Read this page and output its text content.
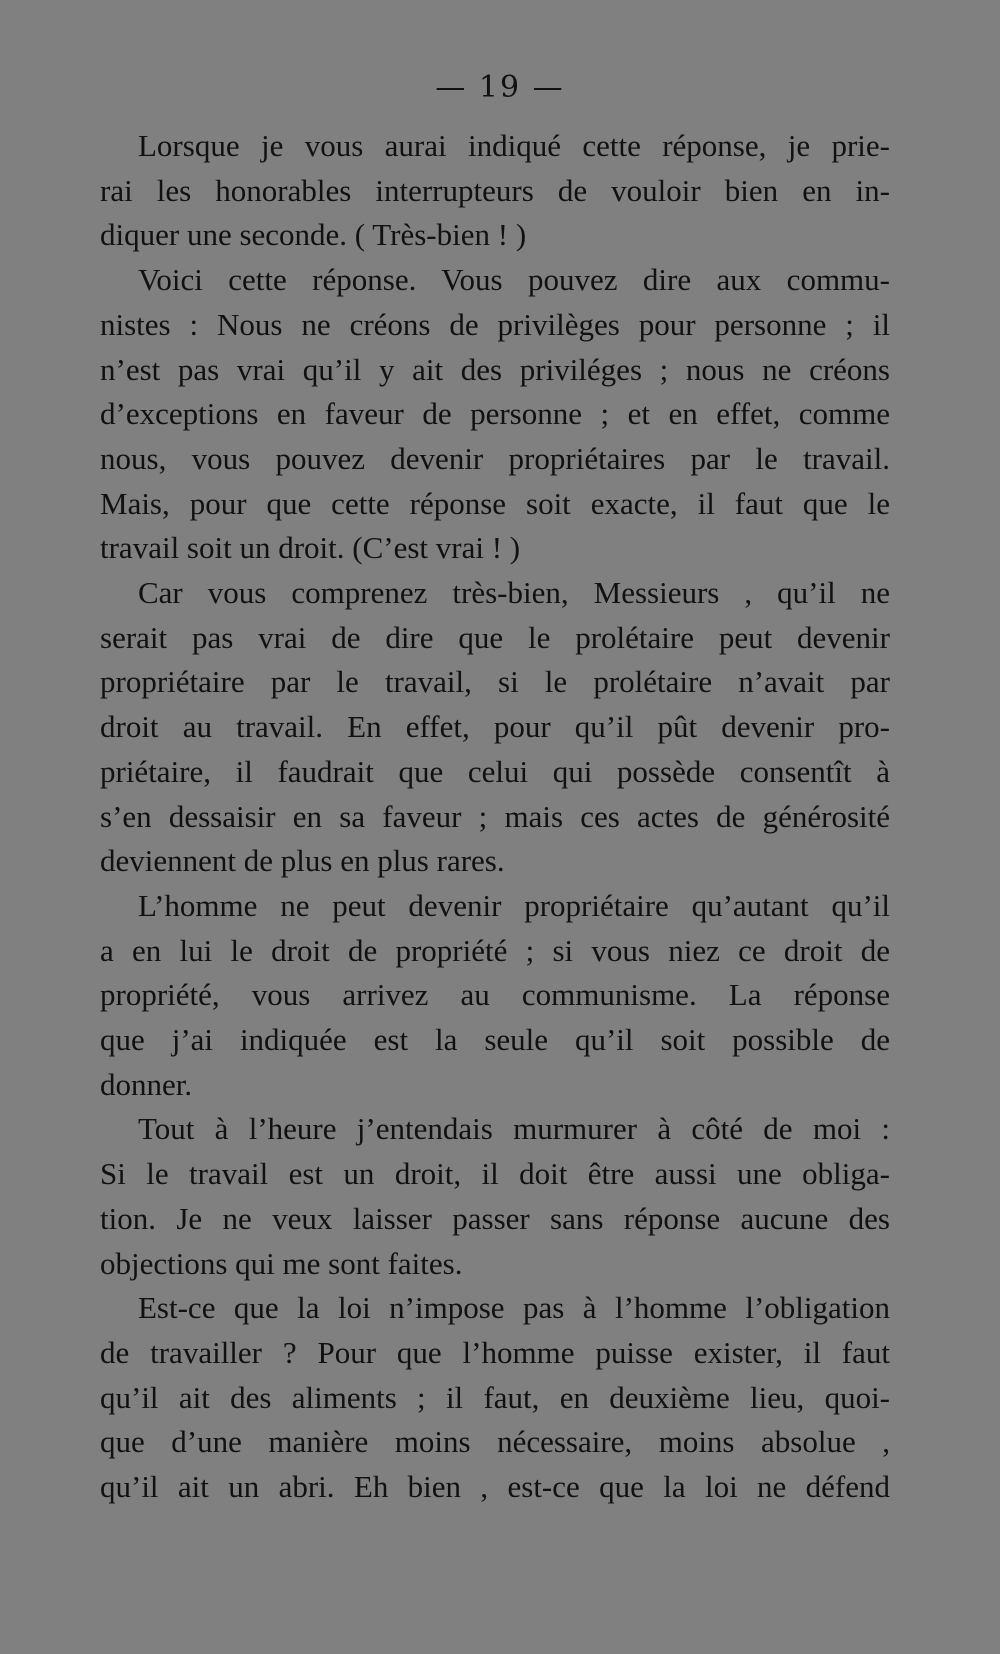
— 19 —
Lorsque je vous aurai indiqué cette réponse, je prie-
rai les honorables interrupteurs de vouloir bien en in-
diquer une seconde. ( Très-bien ! )
Voici cette réponse. Vous pouvez dire aux commu-
nistes : Nous ne créons de privilèges pour personne ; il
n’est pas vrai qu’il y ait des priviléges ; nous ne créons
d’exceptions en faveur de personne ; et en effet, comme
nous, vous pouvez devenir propriétaires par le travail.
Mais, pour que cette réponse soit exacte, il faut que le
travail soit un droit. (C’est vrai ! )
Car vous comprenez très-bien, Messieurs , qu’il ne
serait pas vrai de dire que le prolétaire peut devenir
propriétaire par le travail, si le prolétaire n’avait par
droit au travail. En effet, pour qu’il pût devenir pro-
priétaire, il faudrait que celui qui possède consentît à
s’en dessaisir en sa faveur ; mais ces actes de générosité
deviennent de plus en plus rares.
L’homme ne peut devenir propriétaire qu’autant qu’il
a en lui le droit de propriété ; si vous niez ce droit de
propriété, vous arrivez au communisme. La réponse
que j’ai indiquée est la seule qu’il soit possible de
donner.
Tout à l’heure j’entendais murmurer à côté de moi :
Si le travail est un droit, il doit être aussi une obliga-
tion. Je ne veux laisser passer sans réponse aucune des
objections qui me sont faites.
Est-ce que la loi n’impose pas à l’homme l’obligation
de travailler ? Pour que l’homme puisse exister, il faut
qu’il ait des aliments ; il faut, en deuxième lieu, quoi-
que d’une manière moins nécessaire, moins absolue ,
qu’il ait un abri. Eh bien , est-ce que la loi ne défend
